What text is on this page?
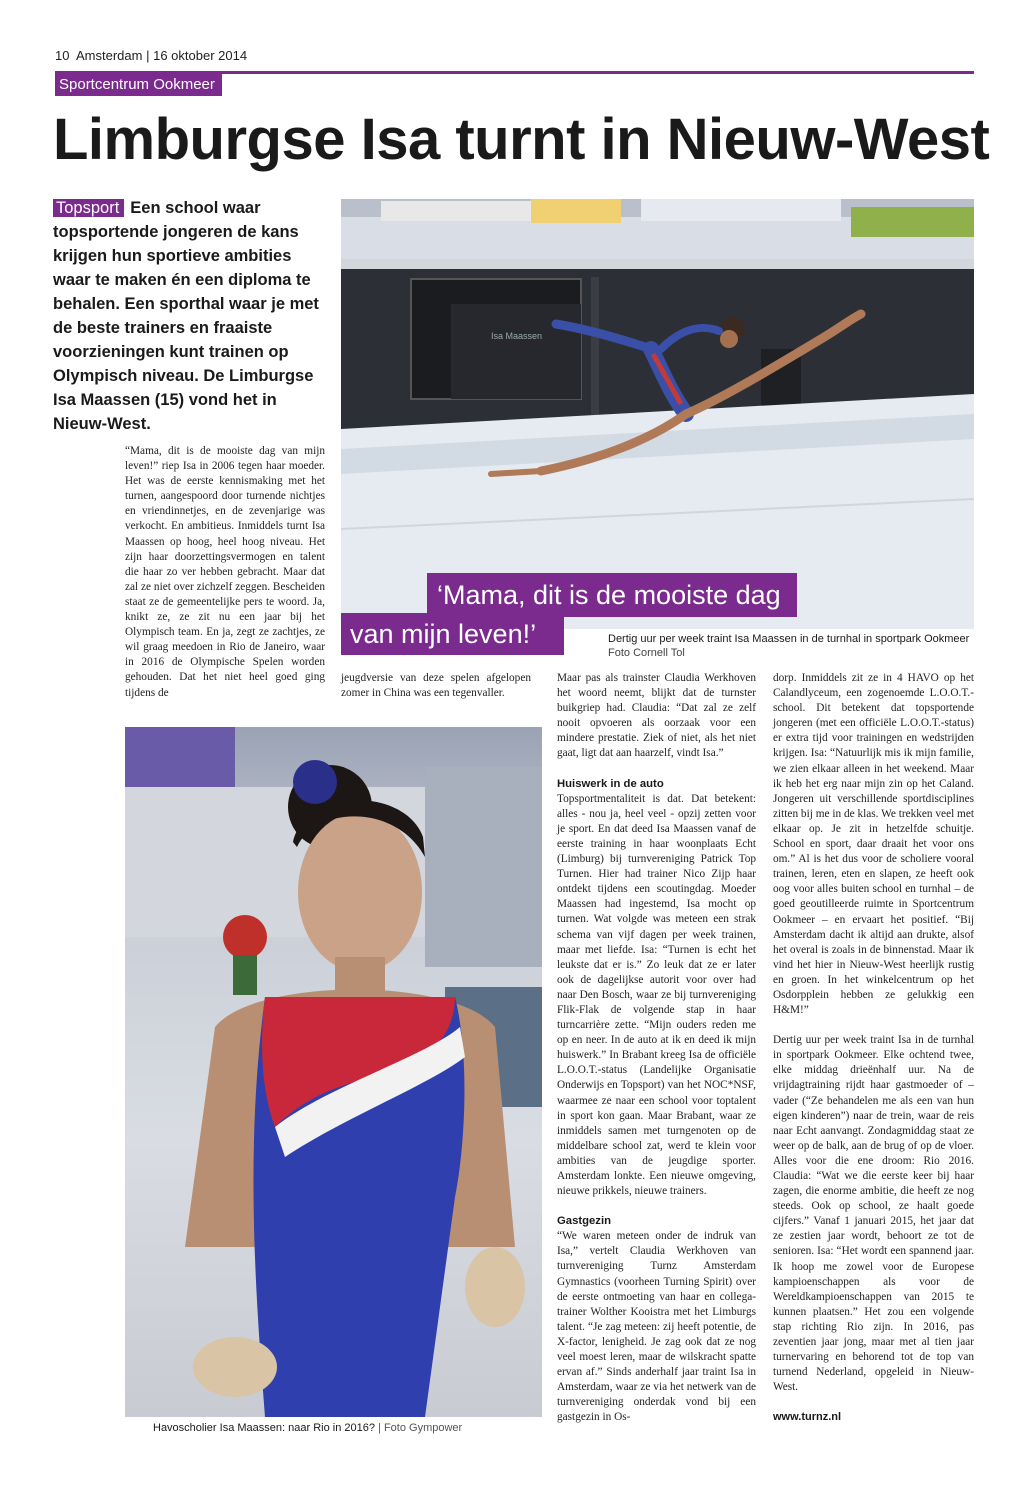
10 Amsterdam | 16 oktober 2014
Sportcentrum Ookmeer
Limburgse Isa turnt in Nieuw-West
Topsport Een school waar topsportende jongeren de kans krijgen hun sportieve ambities waar te maken én een diploma te behalen. Een sporthal waar je met de beste trainers en fraaiste voorzieningen kunt trainen op Olympisch niveau. De Limburgse Isa Maassen (15) vond het in Nieuw-West.
Isa Maassen
‘Mama, dit is de mooiste dag
van mijn leven!’	Dertig uur per week traint Isa Maassen in de turnhal in sportpark Ookmeer
Foto Cornell Tol

“Mama, dit is de mooiste dag van mijn leven!” riep Isa in 2006 tegen haar moeder. Het was de eerste kennismaking met het turnen, aangespoord door turnende nichtjes en vriendinnetjes, en de zevenjarige was verkocht. En ambitieus. Inmiddels turnt Isa Maassen op hoog, heel hoog niveau. Het zijn haar doorzettingsvermogen en talent die haar zo ver hebben gebracht. Maar dat zal ze niet over zichzelf zeggen. Bescheiden staat ze de gemeentelijke pers te woord. Ja, knikt ze, ze zit nu een jaar bij het Olympisch team. En ja, zegt ze zachtjes, ze wil graag meedoen in Rio de Janeiro, waar in 2016 de Olympische Spelen worden gehouden. Dat het niet heel goed ging tijdens de

jeugdversie van deze spelen afgelopen zomer in China was een tegenvaller.

Maar pas als trainster Claudia Werkhoven het woord neemt, blijkt dat de turnster buikgriep had. Claudia: “Dat zal ze zelf nooit opvoeren als oorzaak voor een mindere prestatie. Ziek of niet, als het niet gaat, ligt dat aan haarzelf, vindt Isa.”

Huiswerk in de auto

Topsportmentaliteit is dat. Dat betekent: alles - nou ja, heel veel - opzij zetten voor je sport. En dat deed Isa Maassen vanaf de eerste training in haar woonplaats Echt (Limburg) bij turnvereniging Patrick Top Turnen. Hier had trainer Nico Zijp haar ontdekt tijdens een scoutingdag. Moeder Maassen had ingestemd, Isa mocht op turnen. Wat volgde was meteen een strak schema van vijf dagen per week trainen, maar met liefde. Isa: “Turnen is echt het leukste dat er is.” Zo leuk dat ze er later ook de dagelijkse autorit voor over had naar Den Bosch, waar ze bij turnvereniging Flik-Flak de volgende stap in haar turncarrière zette. “Mijn ouders reden me op en neer. In de auto at ik en deed ik mijn huiswerk.” In Brabant kreeg Isa de officiële L.O.O.T.-status (Landelijke Organisatie Onderwijs en Topsport) van het NOC*NSF, waarmee ze naar een school voor toptalent in sport kon gaan. Maar Brabant, waar ze inmiddels samen met turngenoten op de middelbare school zat, werd te klein voor ambities van de jeugdige sporter. Amsterdam lonkte. Een nieuwe omgeving, nieuwe prikkels, nieuwe trainers.

Gastgezin

“We waren meteen onder de indruk van Isa,” vertelt Claudia Werkhoven van turnvereniging Turnz Amsterdam Gymnastics (voorheen Turning Spirit) over de eerste ontmoeting van haar en collega-trainer Wolther Kooistra met het Limburgs talent. “Je zag meteen: zij heeft potentie, de X-factor, lenigheid. Je zag ook dat ze nog veel moest leren, maar de wilskracht spatte ervan af.” Sinds anderhalf jaar traint Isa in Amsterdam, waar ze via het netwerk van de turnvereniging onderdak vond bij een gastgezin in Os-

dorp. Inmiddels zit ze in 4 HAVO op het Calandlyceum, een zogenoemde L.O.O.T.-school. Dit betekent dat topsportende jongeren (met een officiële L.O.O.T.-status) er extra tijd voor trainingen en wedstrijden krijgen. Isa: “Natuurlijk mis ik mijn familie, we zien elkaar alleen in het weekend. Maar ik heb het erg naar mijn zin op het Caland. Jongeren uit verschillende sportdisciplines zitten bij me in de klas. We trekken veel met elkaar op. Je zit in hetzelfde schuitje. School en sport, daar draait het voor ons om.” Al is het dus voor de scholiere vooral trainen, leren, eten en slapen, ze heeft ook oog voor alles buiten school en turnhal – de goed geoutilleerde ruimte in Sportcentrum Ookmeer – en ervaart het positief. “Bij Amsterdam dacht ik altijd aan drukte, alsof het overal is zoals in de binnenstad. Maar ik vind het hier in Nieuw-West heerlijk rustig en groen. In het winkelcentrum op het Osdorpplein hebben ze gelukkig een H&M!”

Dertig uur per week traint Isa in de turnhal in sportpark Ookmeer. Elke ochtend twee, elke middag drieënhalf uur. Na de vrijdagtraining rijdt haar gastmoeder of – vader (“Ze behandelen me als een van hun eigen kinderen”) naar de trein, waar de reis naar Echt aanvangt. Zondagmiddag staat ze weer op de balk, aan de brug of op de vloer. Alles voor die ene droom: Rio 2016. Claudia: “Wat we die eerste keer bij haar zagen, die enorme ambitie, die heeft ze nog steeds. Ook op school, ze haalt goede cijfers.” Vanaf 1 januari 2015, het jaar dat ze zestien jaar wordt, behoort ze tot de senioren. Isa: “Het wordt een spannend jaar. Ik hoop me zowel voor de Europese kampioenschappen als voor de Wereldkampioenschappen van 2015 te kunnen plaatsen.” Het zou een volgende stap richting Rio zijn. In 2016, pas zeventien jaar jong, maar met al tien jaar turnervaring en behorend tot de top van turnend Nederland, opgeleid in Nieuw-West.

www.turnz.nl

Havoscholier Isa Maassen: naar Rio in 2016? | Foto Gympower
